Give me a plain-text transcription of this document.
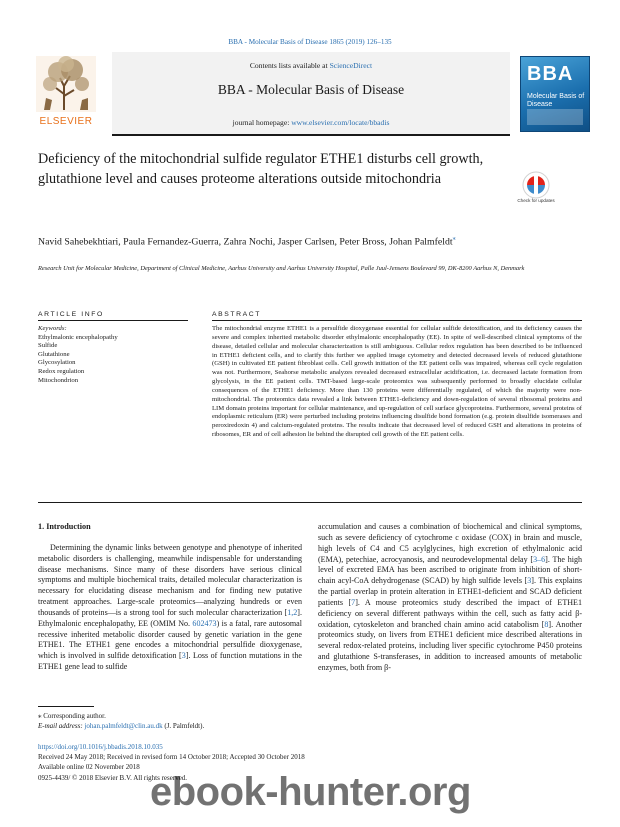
BBA - Molecular Basis of Disease 1865 (2019) 126–135
ELSEVIER
Contents lists available at ScienceDirect
BBA - Molecular Basis of Disease
journal homepage: www.elsevier.com/locate/bbadis
BBA
Molecular Basis of Disease
Deficiency of the mitochondrial sulfide regulator ETHE1 disturbs cell growth, glutathione level and causes proteome alterations outside mitochondria
Check for updates
Navid Sahebekhtiari, Paula Fernandez-Guerra, Zahra Nochi, Jasper Carlsen, Peter Bross, Johan Palmfeldt⁎
Research Unit for Molecular Medicine, Department of Clinical Medicine, Aarhus University and Aarhus University Hospital, Palle Juul-Jensens Boulevard 99, DK-8200 Aarhus N, Denmark
ARTICLE INFO	ABSTRACT
Keywords:
Ethylmalonic encephalopathy
Sulfide
Glutathione
Glycosylation
Redox regulation
Mitochondrion
The mitochondrial enzyme ETHE1 is a persulfide dioxygenase essential for cellular sulfide detoxification, and its deficiency causes the severe and complex inherited metabolic disorder ethylmalonic encephalopathy (EE). In spite of well-described clinical symptoms of the disease, detailed cellular and molecular characterization is still ambiguous. Cellular redox regulation has been described to be influenced in ETHE1 deficient cells, and to clarify this further we applied image cytometry and detected decreased levels of reduced glutathione (GSH) in cultivated EE patient fibroblast cells. Cell growth initiation of the EE patient cells was impaired, whereas cell cycle regulation was not. Furthermore, Seahorse metabolic analyzes revealed decreased extracellular acidification, i.e. decreased lactate formation from glycolysis, in the EE patient cells. TMT-based large-scale proteomics was subsequently performed to broadly elucidate cellular consequences of the ETHE1 deficiency. More than 130 proteins were differentially regulated, of which the majority were non-mitochondrial. The proteomics data revealed a link between ETHE1-deficiency and down-regulation of several ribosomal proteins and LIM domain proteins important for cellular maintenance, and up-regulation of cell surface glycoproteins. Furthermore, several proteins of endoplasmic reticulum (ER) were perturbed including proteins influencing disulfide bond formation (e.g. protein disulfide isomerases and peroxiredoxin 4) and calcium-regulated proteins. The results indicate that decreased level of reduced GSH and alterations in proteins of ribosomes, ER and of cell adhesion lie behind the disrupted cell growth of the EE patient cells.
1. Introduction

Determining the dynamic links between genotype and phenotype of inherited metabolic disorders is challenging, meanwhile indispensable for understanding disease mechanisms. Since many of these disorders have serious clinical symptoms and multiple biochemical traits, detailed molecular characterization is necessary for elucidating disease mechanism and for finding new putative treatment approaches. Large-scale proteomics—analyzing hundreds or even thousands of proteins—is a strong tool for such molecular characterization [1,2]. Ethylmalonic encephalopathy, EE (OMIM No. 602473) is a fatal, rare autosomal recessive inherited metabolic disorder caused by genetic variation in the gene ETHE1. The ETHE1 gene encodes a mitochondrial persulfide dioxygenase, which is involved in sulfide detoxification [3]. Loss of function mutations in the ETHE1 gene lead to sulfide

accumulation and causes a combination of biochemical and clinical symptoms, such as severe deficiency of cytochrome c oxidase (COX) in brain and muscle, high levels of C4 and C5 acylglycines, high excretion of ethylmalonic acid (EMA), petechiae, acrocyanosis, and neurodevelopmental delay [3–6]. The high level of excreted EMA has been ascribed to originate from inhibition of short-chain acyl-CoA dehydrogenase (SCAD) by high sulfide levels [3]. This explains the partial overlap in protein alteration in ETHE1-deficient and SCAD deficient patients [7]. A mouse proteomics study described the impact of ETHE1 deficiency on several different pathways within the cell, such as fatty acid β-oxidation, cytoskeleton and branched chain amino acid catabolism [8]. Another proteomics study, on livers from ETHE1 deficient mice described alterations in several redox-related proteins, including liver specific cytochrome P450 proteins and glutathione S-transferases, in addition to increased amounts of metabolic enzymes, both from β-

⁎ Corresponding author.
E-mail address: johan.palmfeldt@clin.au.dk (J. Palmfeldt).
https://doi.org/10.1016/j.bbadis.2018.10.035
Received 24 May 2018; Received in revised form 14 October 2018; Accepted 30 October 2018
Available online 02 November 2018
0925-4439/ © 2018 Elsevier B.V. All rights reserved.
ebook-hunter.org
